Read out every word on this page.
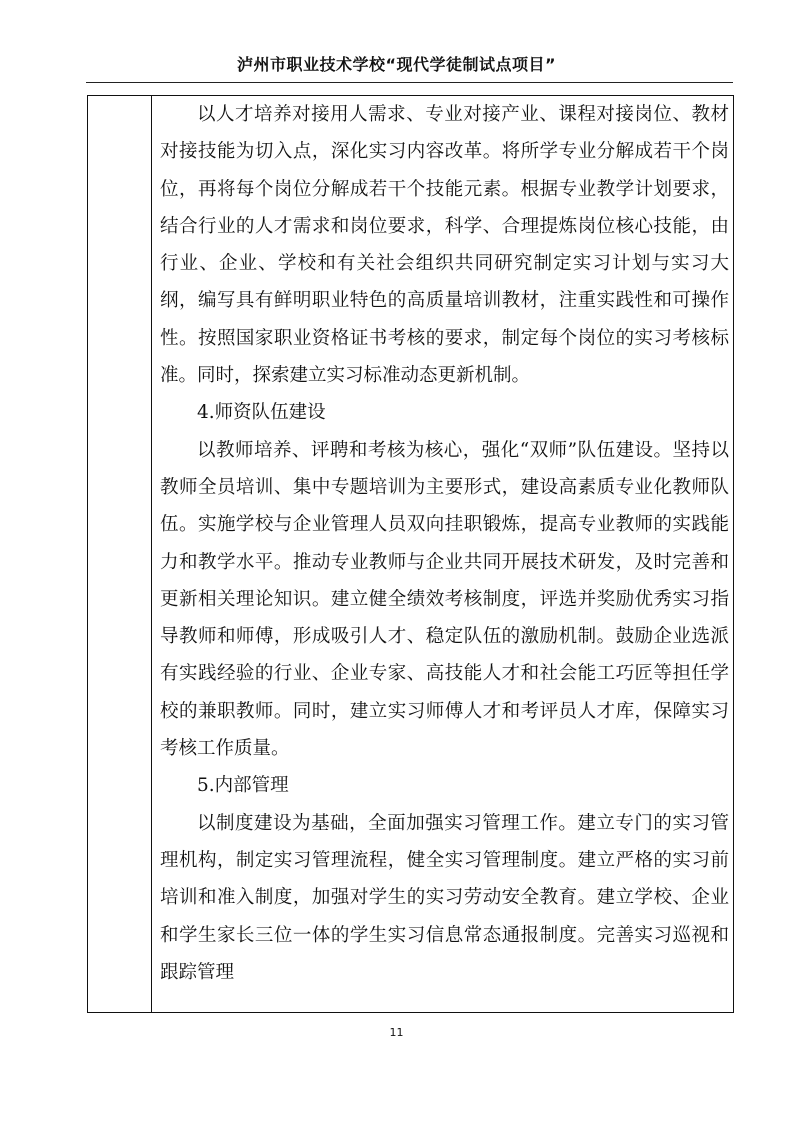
泸州市职业技术学校“现代学徒制试点项目”

以人才培养对接用人需求、专业对接产业、课程对接岗位、教材对接技能为切入点，深化实习内容改革。将所学专业分解成若干个岗位，再将每个岗位分解成若干个技能元素。根据专业教学计划要求，结合行业的人才需求和岗位要求，科学、合理提炼岗位核心技能，由行业、企业、学校和有关社会组织共同研究制定实习计划与实习大纲，编写具有鲜明职业特色的高质量培训教材，注重实践性和可操作性。按照国家职业资格证书考核的要求，制定每个岗位的实习考核标准。同时，探索建立实习标准动态更新机制。

4.师资队伍建设

以教师培养、评聘和考核为核心，强化“双师”队伍建设。坚持以教师全员培训、集中专题培训为主要形式，建设高素质专业化教师队伍。实施学校与企业管理人员双向挂职锻炼，提高专业教师的实践能力和教学水平。推动专业教师与企业共同开展技术研发，及时完善和更新相关理论知识。建立健全绩效考核制度，评选并奖励优秀实习指导教师和师傅，形成吸引人才、稳定队伍的激励机制。鼓励企业选派有实践经验的行业、企业专家、高技能人才和社会能工巧匠等担任学校的兼职教师。同时，建立实习师傅人才和考评员人才库，保障实习考核工作质量。

5.内部管理

以制度建设为基础，全面加强实习管理工作。建立专门的实习管理机构，制定实习管理流程，健全实习管理制度。建立严格的实习前培训和准入制度，加强对学生的实习劳动安全教育。建立学校、企业和学生家长三位一体的学生实习信息常态通报制度。完善实习巡视和跟踪管理

11
